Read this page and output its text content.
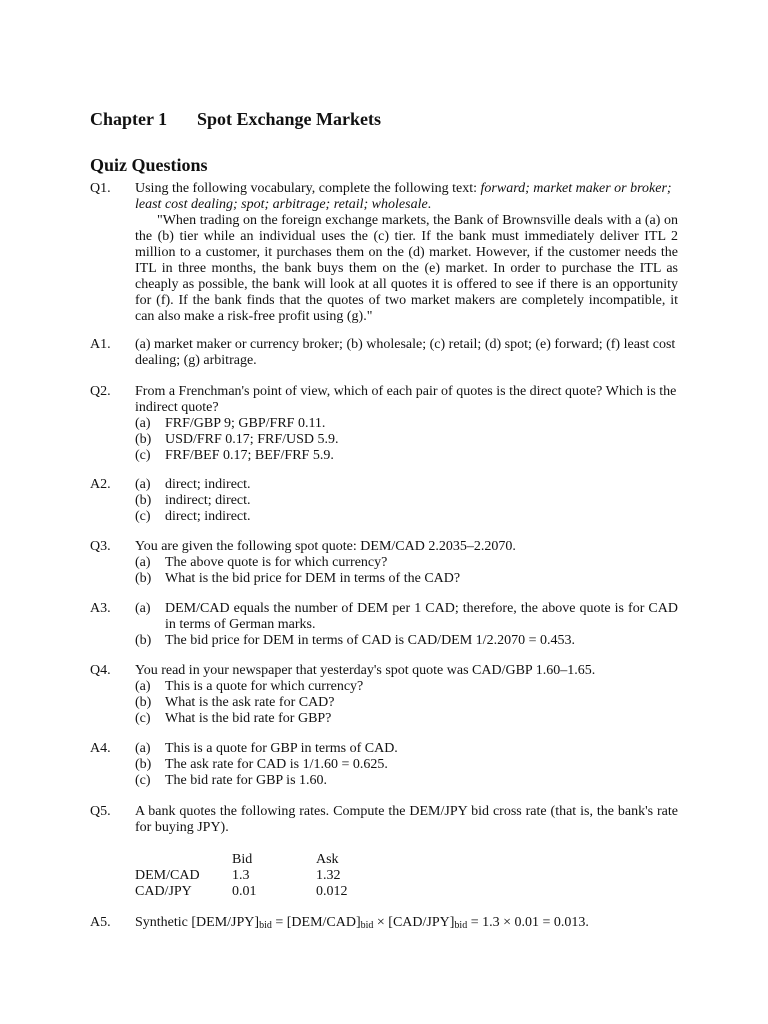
Chapter 1 Spot Exchange Markets
Quiz Questions
Q1.	Using the following vocabulary, complete the following text: forward; market maker or broker; least cost dealing; spot; arbitrage; retail; wholesale.
"When trading on the foreign exchange markets, the Bank of Brownsville deals with a (a) on the (b) tier while an individual uses the (c) tier. If the bank must immediately deliver ITL 2 million to a customer, it purchases them on the (d) market. However, if the customer needs the ITL in three months, the bank buys them on the (e) market. In order to purchase the ITL as cheaply as possible, the bank will look at all quotes it is offered to see if there is an opportunity for (f). If the bank finds that the quotes of two market makers are completely incompatible, it can also make a risk-free profit using (g)."
A1.	(a) market maker or currency broker; (b) wholesale; (c) retail; (d) spot; (e) forward; (f) least cost dealing; (g) arbitrage.
Q2.	From a Frenchman's point of view, which of each pair of quotes is the direct quote? Which is the indirect quote?
(a) FRF/GBP 9; GBP/FRF 0.11.
(b) USD/FRF 0.17; FRF/USD 5.9.
(c) FRF/BEF 0.17; BEF/FRF 5.9.
A2.	(a) direct; indirect.
(b) indirect; direct.
(c) direct; indirect.
Q3.	You are given the following spot quote: DEM/CAD 2.2035–2.2070.
(a) The above quote is for which currency?
(b) What is the bid price for DEM in terms of the CAD?
A3.	(a) DEM/CAD equals the number of DEM per 1 CAD; therefore, the above quote is for CAD in terms of German marks.
(b) The bid price for DEM in terms of CAD is CAD/DEM 1/2.2070 = 0.453.
Q4.	You read in your newspaper that yesterday's spot quote was CAD/GBP 1.60–1.65.
(a) This is a quote for which currency?
(b) What is the ask rate for CAD?
(c) What is the bid rate for GBP?
A4.	(a) This is a quote for GBP in terms of CAD.
(b) The ask rate for CAD is 1/1.60 = 0.625.
(c) The bid rate for GBP is 1.60.
Q5.	A bank quotes the following rates. Compute the DEM/JPY bid cross rate (that is, the bank's rate for buying JPY).
	Bid	Ask
DEM/CAD	1.3	1.32
CAD/JPY	0.01	0.012
A5.	Synthetic $[DEM/JPY]_{bid} = [DEM/CAD]_{bid} \times [CAD/JPY]_{bid} = 1.3 \times 0.01 = 0.013$.
